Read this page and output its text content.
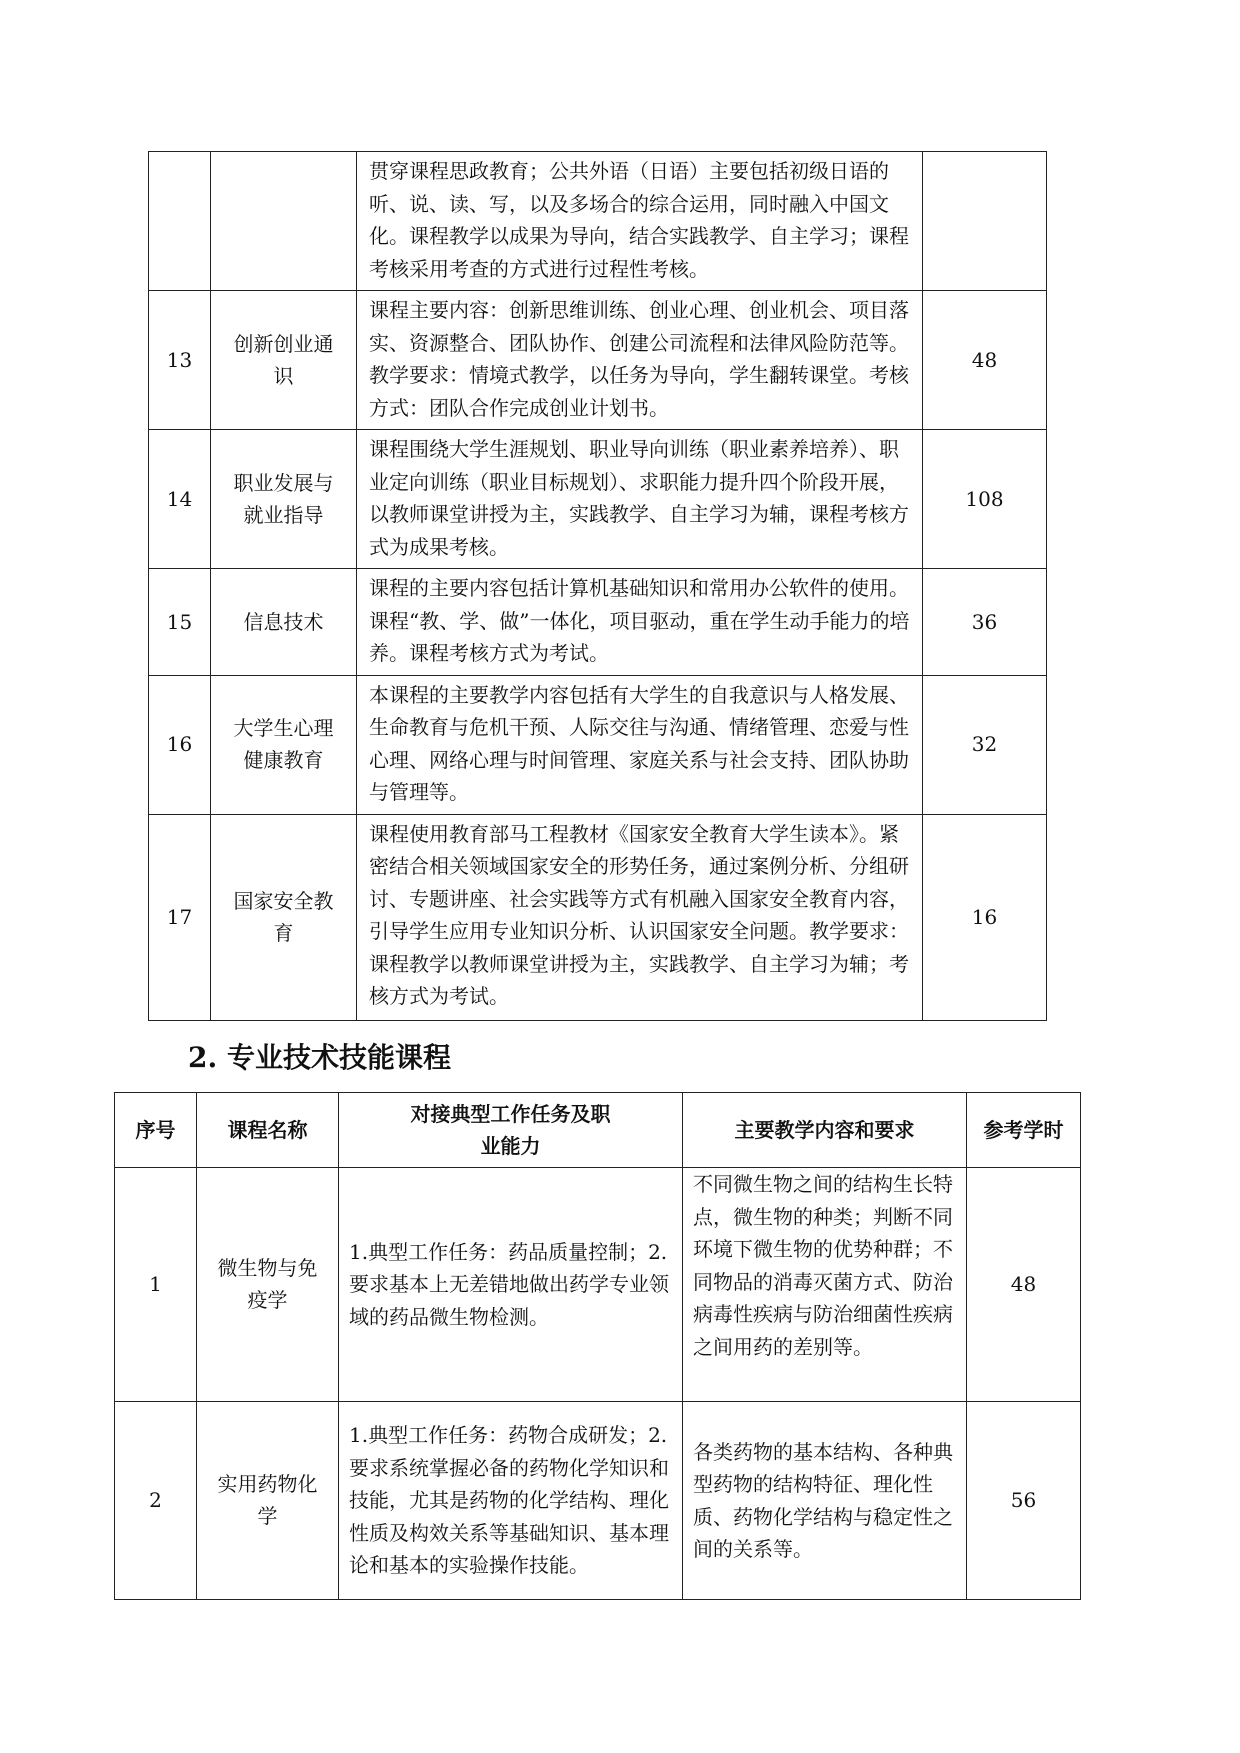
		贯穿课程思政教育；公共外语（日语）主要包括初级日语的听、说、读、写，以及多场合的综合运用，同时融入中国文化。课程教学以成果为导向，结合实践教学、自主学习；课程考核采用考查的方式进行过程性考核。	
13	创新创业通识	课程主要内容：创新思维训练、创业心理、创业机会、项目落实、资源整合、团队协作、创建公司流程和法律风险防范等。教学要求：情境式教学，以任务为导向，学生翻转课堂。考核方式：团队合作完成创业计划书。	48
14	职业发展与就业指导	课程围绕大学生涯规划、职业导向训练（职业素养培养）、职业定向训练（职业目标规划）、求职能力提升四个阶段开展，以教师课堂讲授为主，实践教学、自主学习为辅，课程考核方式为成果考核。	108
15	信息技术	课程的主要内容包括计算机基础知识和常用办公软件的使用。课程“教、学、做”一体化，项目驱动，重在学生动手能力的培养。课程考核方式为考试。	36
16	大学生心理健康教育	本课程的主要教学内容包括有大学生的自我意识与人格发展、生命教育与危机干预、人际交往与沟通、情绪管理、恋爱与性心理、网络心理与时间管理、家庭关系与社会支持、团队协助与管理等。	32
17	国家安全教育	课程使用教育部马工程教材《国家安全教育大学生读本》。紧密结合相关领域国家安全的形势任务，通过案例分析、分组研讨、专题讲座、社会实践等方式有机融入国家安全教育内容，引导学生应用专业知识分析、认识国家安全问题。教学要求：课程教学以教师课堂讲授为主，实践教学、自主学习为辅；考核方式为考试。	16
2. 专业技术技能课程
序号	课程名称	对接典型工作任务及职业能力	主要教学内容和要求	参考学时
1	微生物与免疫学	1.典型工作任务：药品质量控制；2.要求基本上无差错地做出药学专业领域的药品微生物检测。	不同微生物之间的结构生长特点，微生物的种类；判断不同环境下微生物的优势种群；不同物品的消毒灭菌方式、防治病毒性疾病与防治细菌性疾病之间用药的差别等。	48
2	实用药物化学	1.典型工作任务：药物合成研发；2.要求系统掌握必备的药物化学知识和技能，尤其是药物的化学结构、理化性质及构效关系等基础知识、基本理论和基本的实验操作技能。	各类药物的基本结构、各种典型药物的结构特征、理化性质、药物化学结构与稳定性之间的关系等。	56
